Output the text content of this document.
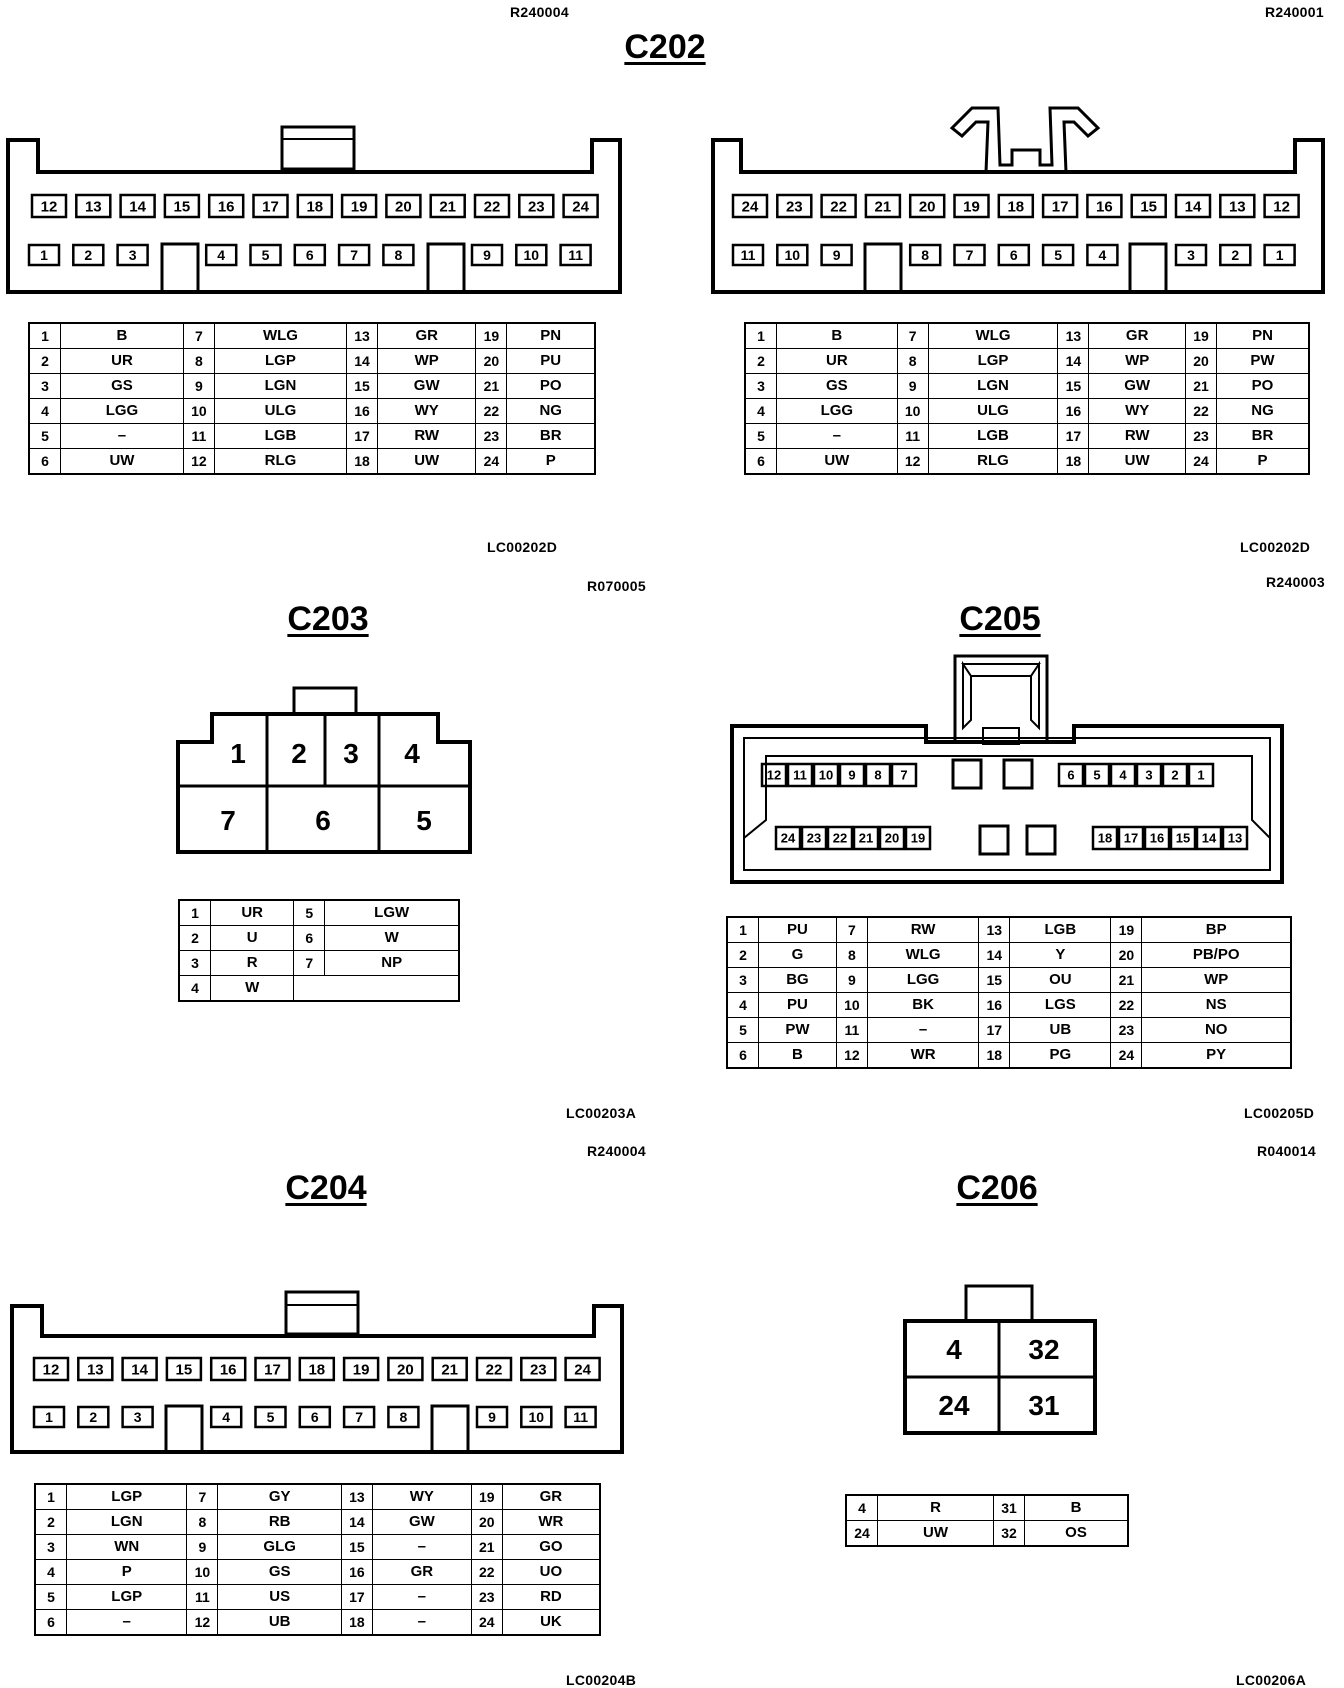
R240004	R240001
LC00202D	LC00202D
R070005	R240003
LC00203A	LC00205D
R240004	R040014
LC00204B	LC00206A
C202
C203	C205
C204	C206
12 13 14 15 16 17 18 19 20 21 22 23 24
1	2	3	4	5	6	7	8	9 10 11
24 23 22 21 20 19 18 17 16 15 14 13 12
11 10 9	8	7	6	5	4	3	2	1
1 2 3 4
7	6	5
12 11 10 9 8 7	6 5 4 3 2 1
24 23 22 21 20 19	18 17 16 15 14 13
12 13 14 15 16 17 18 19 20 21 22 23 24
1	2	3	4	5	6	7	8	9 10 11
4 32
24 31
1	B	7	WLG	13	GR	19	PN
2	UR	8	LGP	14	WP	20	PU
3	GS	9	LGN	15	GW	21	PO
4	LGG	10	ULG	16	WY	22	NG
5	–	11	LGB	17	RW	23	BR
6	UW	12	RLG	18	UW	24	P
1	B	7	WLG	13	GR	19	PN
2	UR	8	LGP	14	WP	20	PW
3	GS	9	LGN	15	GW	21	PO
4	LGG	10	ULG	16	WY	22	NG
5	–	11	LGB	17	RW	23	BR
6	UW	12	RLG	18	UW	24	P
1	UR	5	LGW
2	U	6	W
3	R	7	NP
4	W		
1	PU	7	RW	13	LGB	19	BP
2	G	8	WLG	14	Y	20	PB/PO
3	BG	9	LGG	15	OU	21	WP
4	PU	10	BK	16	LGS	22	NS
5	PW	11	–	17	UB	23	NO
6	B	12	WR	18	PG	24	PY
1	LGP	7	GY	13	WY	19	GR
2	LGN	8	RB	14	GW	20	WR
3	WN	9	GLG	15	–	21	GO
4	P	10	GS	16	GR	22	UO
5	LGP	11	US	17	–	23	RD
6	–	12	UB	18	–	24	UK
4	R	31	B
24	UW	32	OS
